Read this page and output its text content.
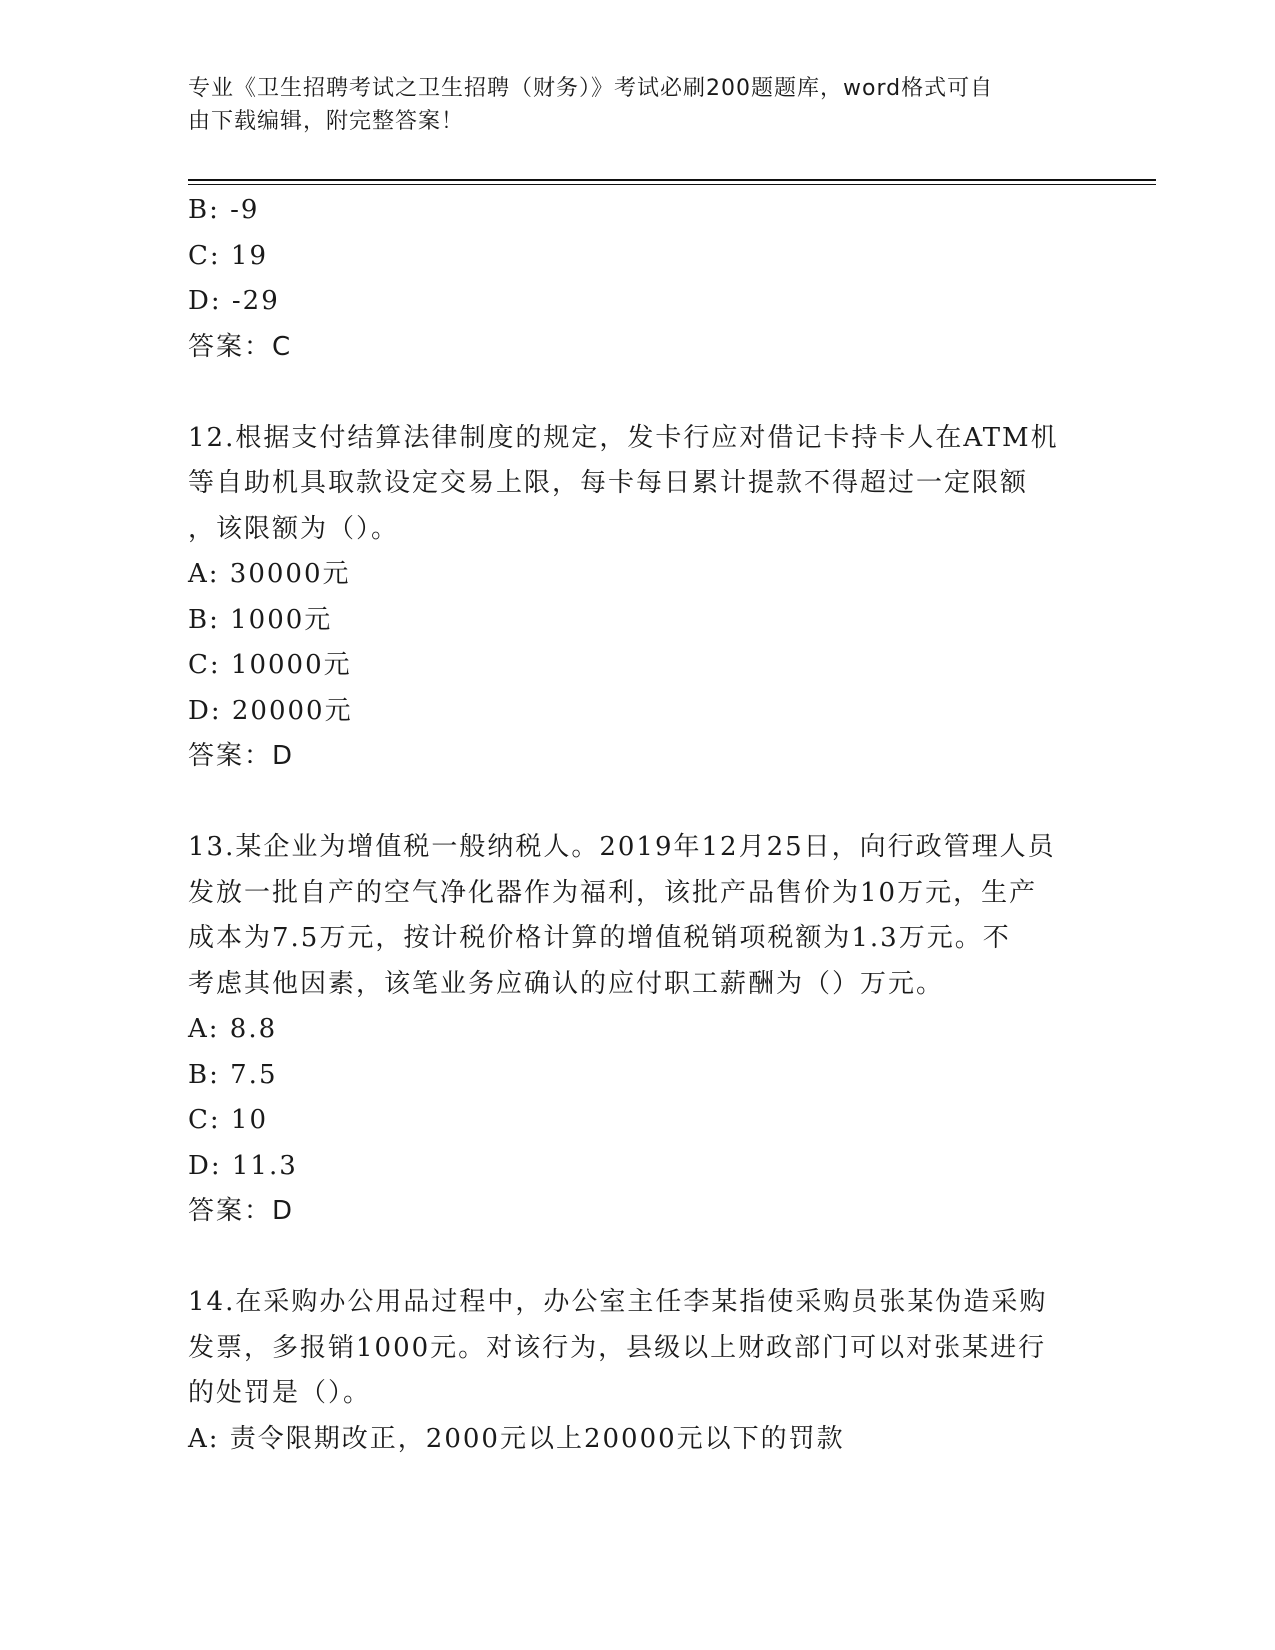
专业《卫生招聘考试之卫生招聘（财务）》考试必刷200题题库，word格式可自
由下载编辑，附完整答案！
B: -9
C: 19
D: -29
答案：C
12.根据支付结算法律制度的规定，发卡行应对借记卡持卡人在ATM机
等自助机具取款设定交易上限，每卡每日累计提款不得超过一定限额
，该限额为（）。
A: 30000元
B: 1000元
C: 10000元
D: 20000元
答案：D
13.某企业为增值税一般纳税人。2019年12月25日，向行政管理人员
发放一批自产的空气净化器作为福利，该批产品售价为10万元，生产
成本为7.5万元，按计税价格计算的增值税销项税额为1.3万元。不
考虑其他因素，该笔业务应确认的应付职工薪酬为（）万元。
A: 8.8
B: 7.5
C: 10
D: 11.3
答案：D
14.在采购办公用品过程中，办公室主任李某指使采购员张某伪造采购
发票，多报销1000元。对该行为，县级以上财政部门可以对张某进行
的处罚是（）。
A: 责令限期改正，2000元以上20000元以下的罚款
